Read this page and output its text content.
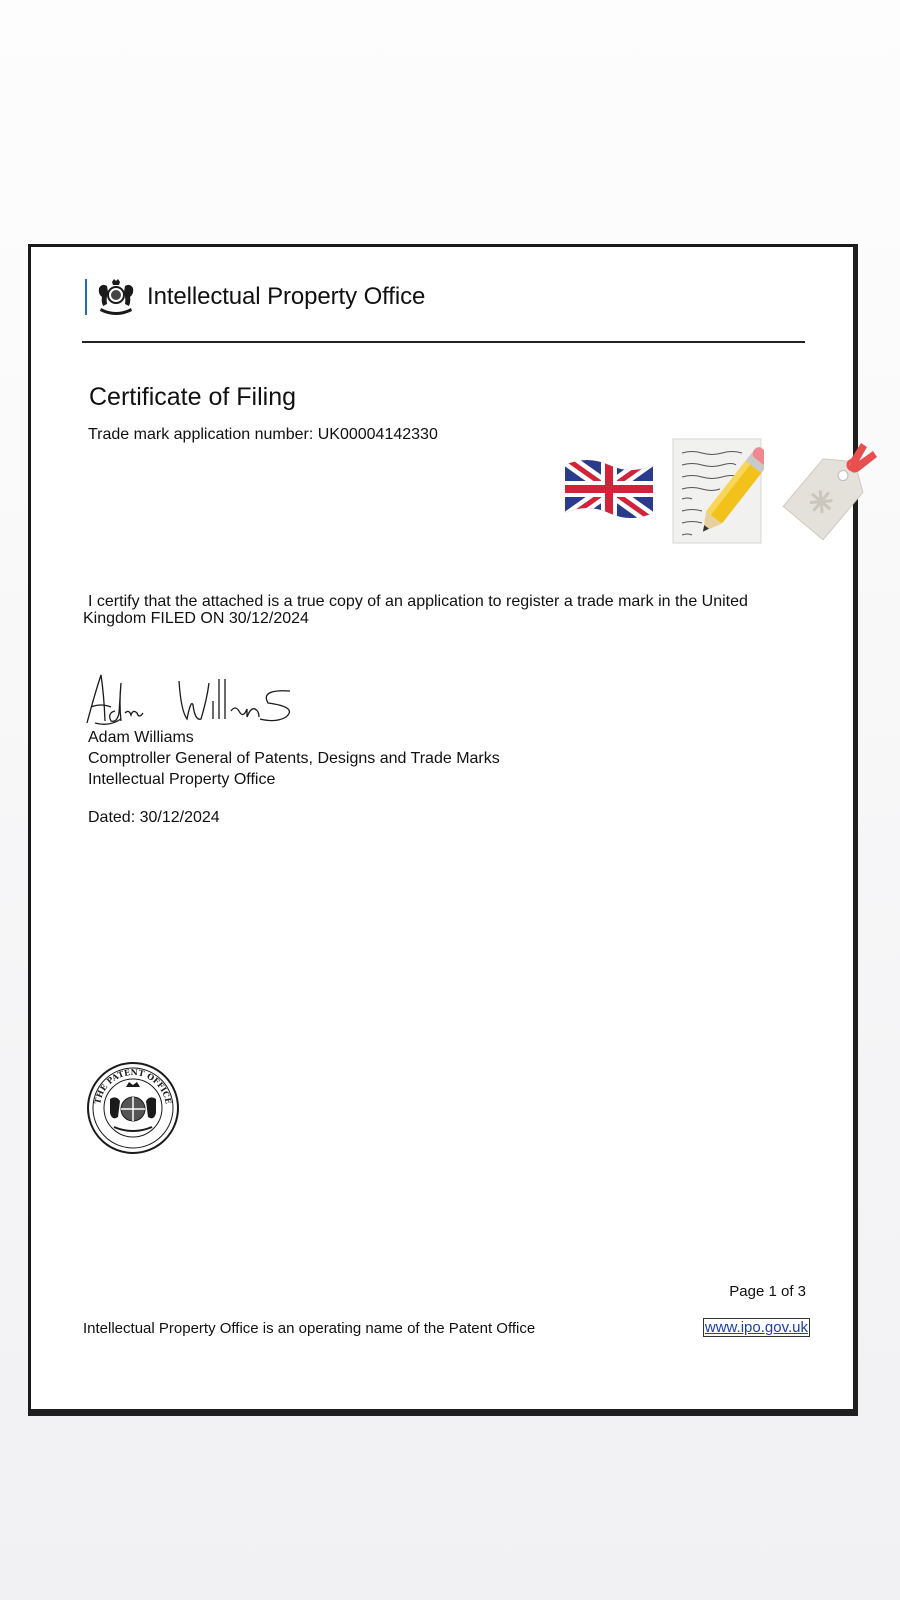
Intellectual Property Office
Certificate of Filing
Trade mark application number: UK00004142330
I certify that the attached is a true copy of an application to register a trade mark in the United
Kingdom FILED ON 30/12/2024
Adam Williams
Comptroller General of Patents, Designs and Trade Marks
Intellectual Property Office
Dated: 30/12/2024
THE PATENT OFFICE
Page 1 of 3
Intellectual Property Office is an operating name of the Patent Office	www.ipo.gov.uk
